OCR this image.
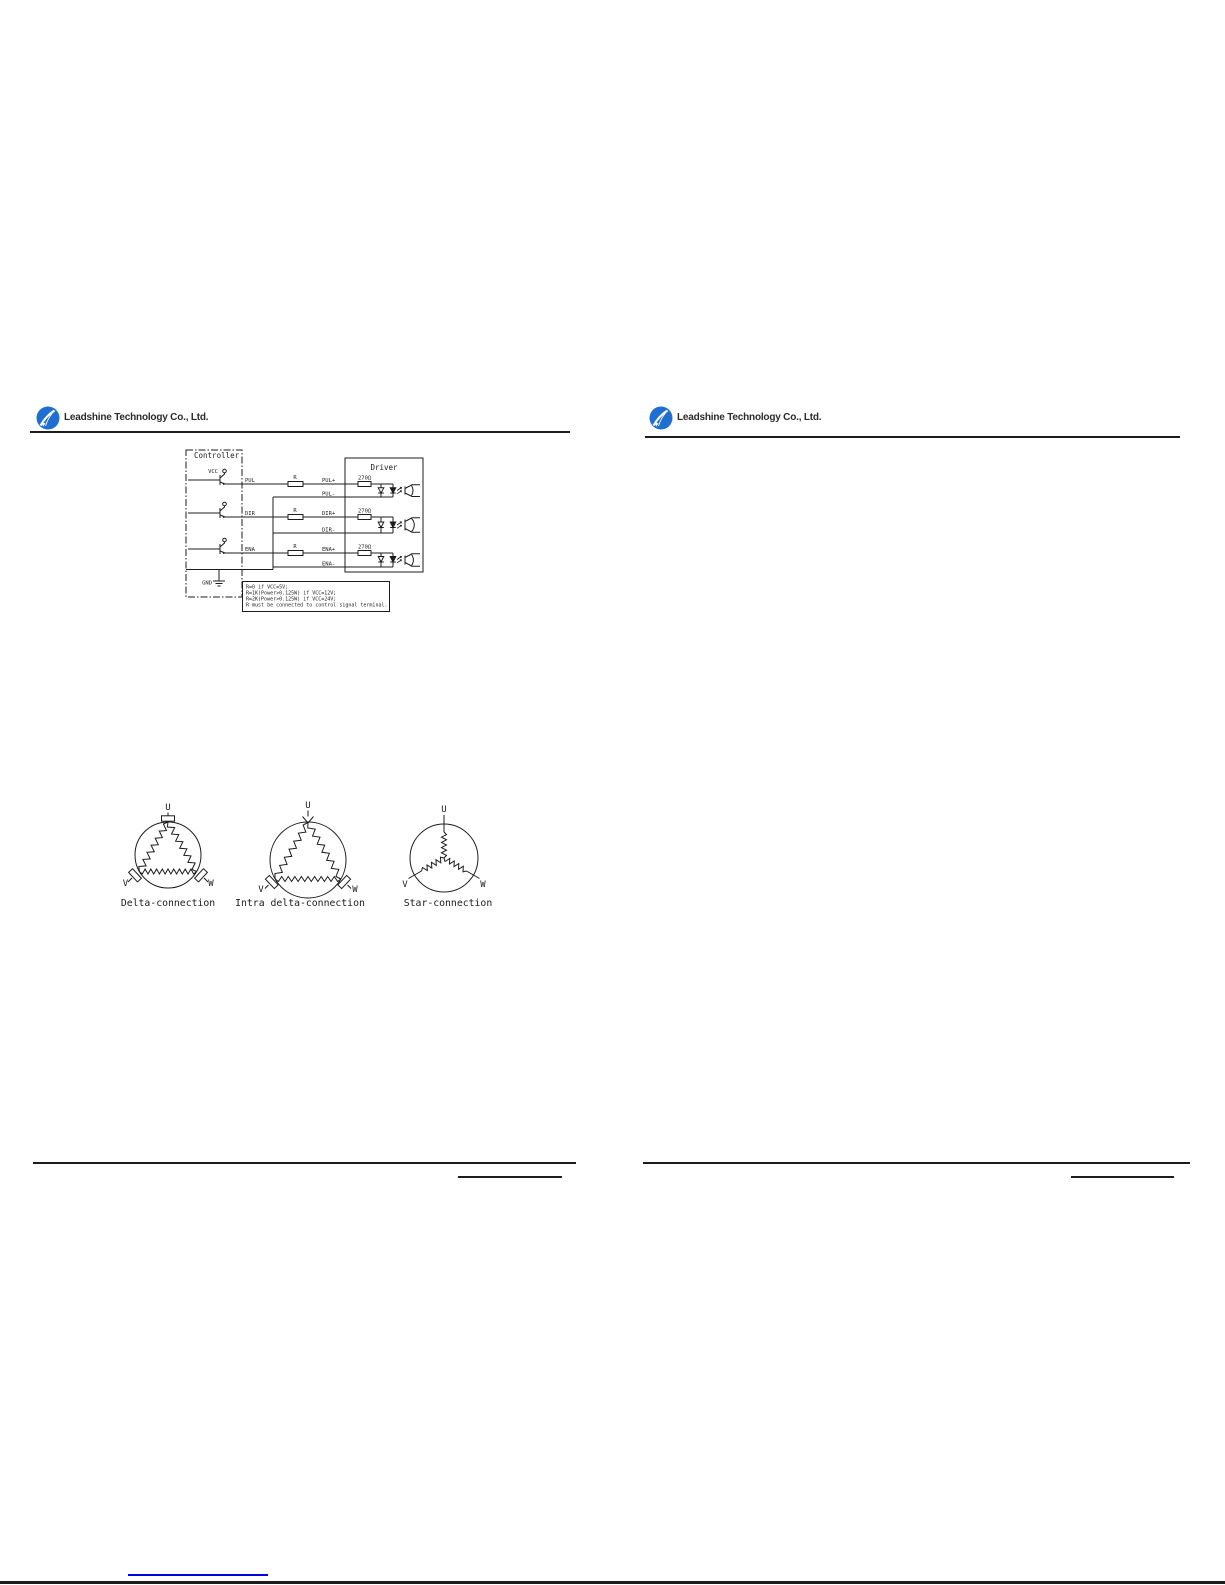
Leadshine Technology Co., Ltd.	Leadshine Technology Co., Ltd.
Controller
Driver
PUL	R	PUL+	270Ω
PUL-
DIR	R	DIR+	270Ω
DIR-
ENA	R	ENA+	270Ω
ENA-
VCC
GND
R=0 if VCC=5V;
R=1K(Power>0.125W) if VCC=12V;
R=2K(Power>0.125W) if VCC=24V;
R must be connected to control signal terminal.
U
V	W
Delta-connection
U
V	W
Intra delta-connection
U
V	W
Star-connection
